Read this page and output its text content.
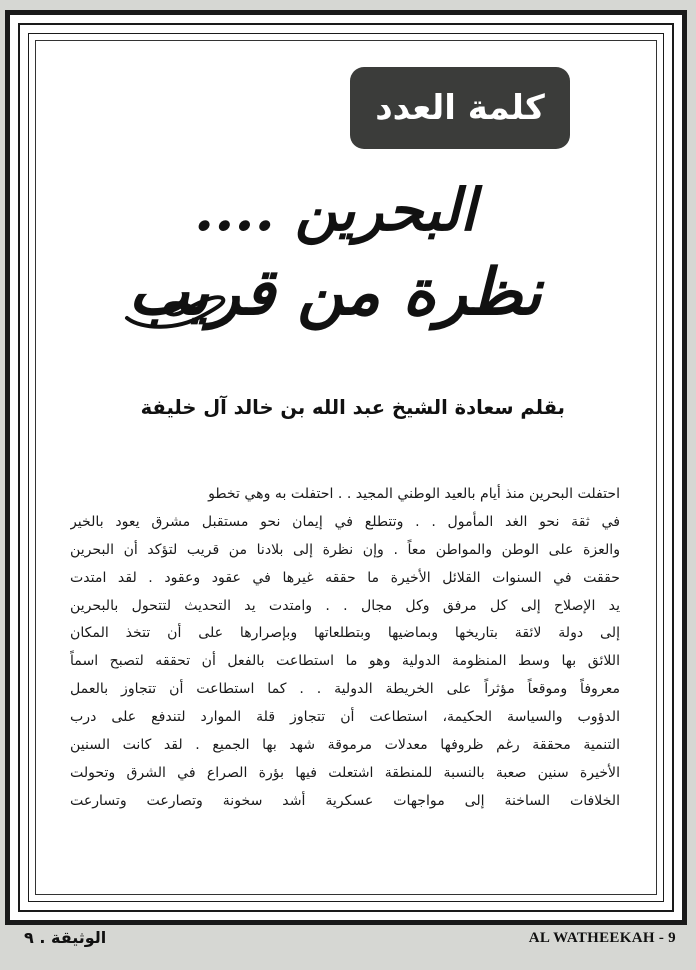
كلمة العدد
البحرين ....
نظرة من قريب
بقلم سعادة الشيخ عبد الله بن خالد آل خليفة
احتفلت البحرين منذ أيام بالعيد الوطني المجيد . . احتفلت به وهي تخطو
في ثقة نحو الغد المأمول . . وتتطلع في إيمان نحو مستقبل مشرق يعود بالخير
والعزة على الوطن والمواطن معاً . وإن نظرة إلى بلادنا من قريب لتؤكد أن البحرين
حققت في السنوات القلائل الأخيرة ما حققه غيرها في عقود وعقود . لقد امتدت
يد الإصلاح إلى كل مرفق وكل مجال . . وامتدت يد التحديث لتتحول بالبحرين
إلى دولة لائقة بتاريخها وبماضيها وبتطلعاتها وبإصرارها على أن تتخذ المكان
اللائق بها وسط المنظومة الدولية وهو ما استطاعت بالفعل أن تحققه لتصبح اسماً
معروفاً وموقعاً مؤثراً على الخريطة الدولية . . كما استطاعت أن تتجاوز بالعمل
الدؤوب والسياسة الحكيمة، استطاعت أن تتجاوز قلة الموارد لتندفع على درب
التنمية محققة رغم ظروفها معدلات مرموقة شهد بها الجميع . لقد كانت السنين
الأخيرة سنين صعبة بالنسبة للمنطقة اشتعلت فيها بؤرة الصراع في الشرق وتحولت
الخلافات الساخنة إلى مواجهات عسكرية أشد سخونة وتصارعت وتسارعت
الوثيقة . ٩	AL WATHEEKAH - 9
